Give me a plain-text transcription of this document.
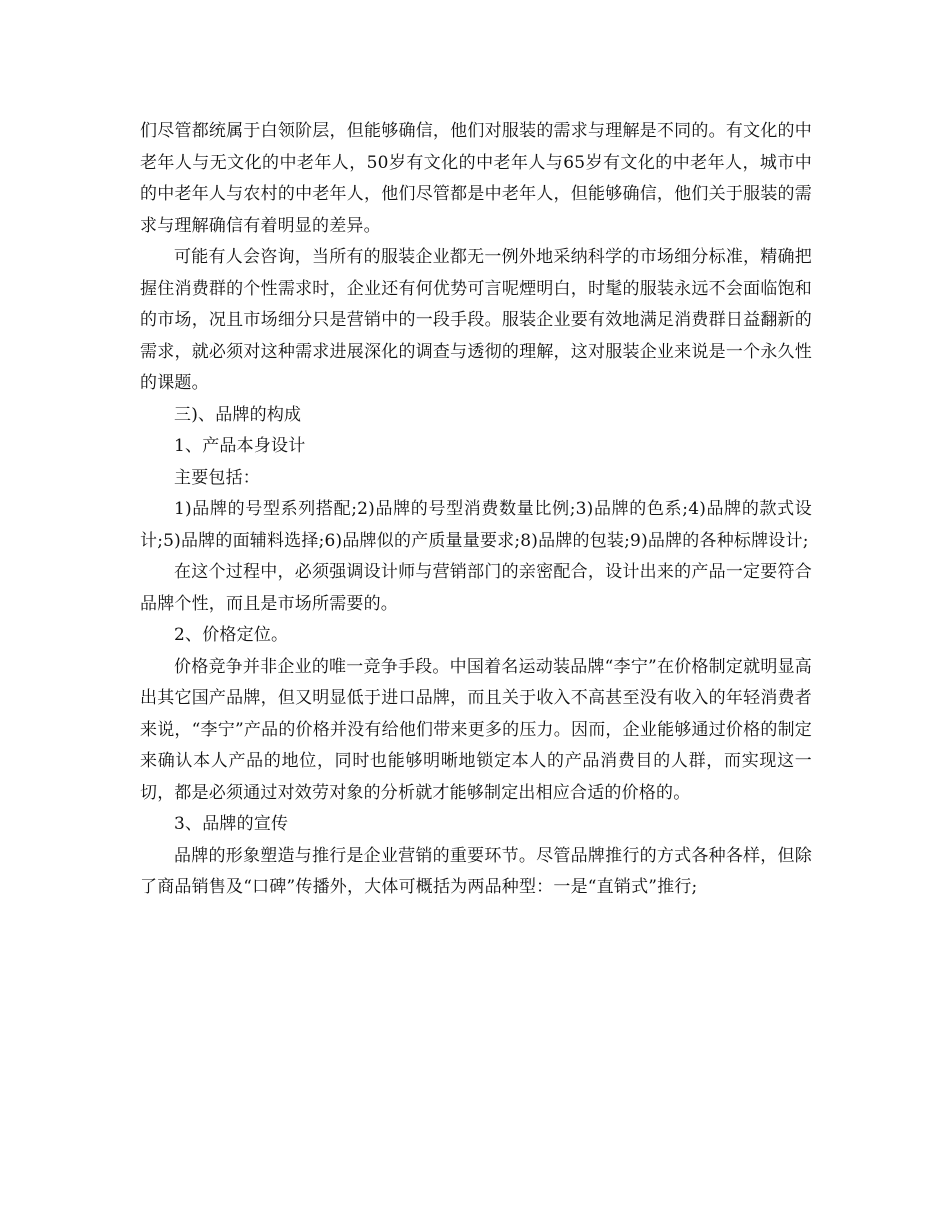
们尽管都统属于白领阶层，但能够确信，他们对服装的需求与理解是不同的。有文化的中老年人与无文化的中老年人，50岁有文化的中老年人与65岁有文化的中老年人，城市中的中老年人与农村的中老年人，他们尽管都是中老年人，但能够确信，他们关于服装的需求与理解确信有着明显的差异。

可能有人会咨询，当所有的服装企业都无一例外地采纳科学的市场细分标准，精确把握住消费群的个性需求时，企业还有何优势可言呢煙明白，时髦的服装永远不会面临饱和的市场，况且市场细分只是营销中的一段手段。服装企业要有效地满足消费群日益翻新的需求，就必须对这种需求进展深化的调查与透彻的理解，这对服装企业来说是一个永久性的课题。

三)、品牌的构成

1、产品本身设计

主要包括：

1)品牌的号型系列搭配;2)品牌的号型消费数量比例;3)品牌的色系;4)品牌的款式设计;5)品牌的面辅料选择;6)品牌似的产质量量要求;8)品牌的包装;9)品牌的各种标牌设计;

在这个过程中，必须强调设计师与营销部门的亲密配合，设计出来的产品一定要符合品牌个性，而且是市场所需要的。

2、价格定位。

价格竞争并非企业的唯一竞争手段。中国着名运动装品牌“李宁”在价格制定就明显高出其它国产品牌，但又明显低于进口品牌，而且关于收入不高甚至没有收入的年轻消费者来说，“李宁”产品的价格并没有给他们带来更多的压力。因而，企业能够通过价格的制定来确认本人产品的地位，同时也能够明晰地锁定本人的产品消费目的人群，而实现这一切，都是必须通过对效劳对象的分析就才能够制定出相应合适的价格的。

3、品牌的宣传

品牌的形象塑造与推行是企业营销的重要环节。尽管品牌推行的方式各种各样，但除了商品销售及“口碑”传播外，大体可概括为两品种型：一是“直销式”推行;
